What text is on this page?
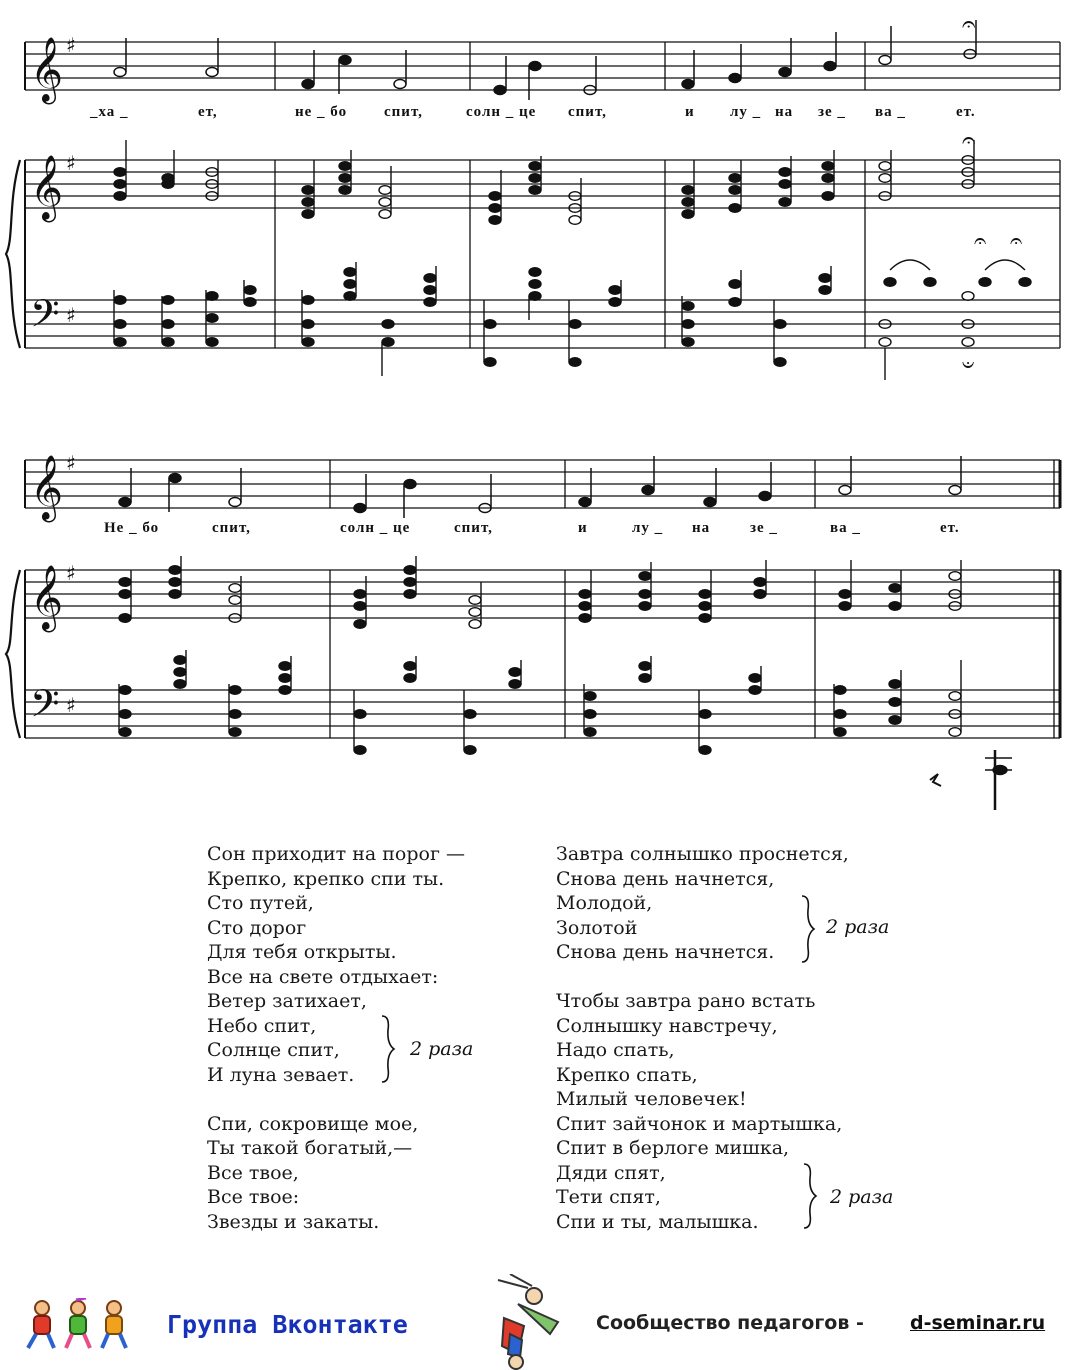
𝄞
𝄞
𝄢
𝄞
𝄞
𝄢
♯
♯
♯
♯
♯
♯
𝄐
𝄐
𝄐 𝄐
𝄑
_ха _	ет,	не _ бо спит,	солн _ це спит,	и лу _ на зе _ ва _	ет.
Не _ бо	спит,	солн _ це	спит,	и	лу _ на	зе _	ва _	ет.
Сон приходит на порог —
Крепко, крепко спи ты.
Сто путей,
Сто дорог
Для тебя открыты.
Все на свете отдыхает:
Ветер затихает,
Небо спит,
Солнце спит,
И луна зевает.
Спи, сокровище мое,
Ты такой богатый,—
Все твое,
Все твое:
Звезды и закаты.
2 раза
Завтра солнышко проснется,
Снова день начнется,
Молодой,
Золотой
Снова день начнется.
Чтобы завтра рано встать
Солнышку навстречу,
Надо спать,
Крепко спать,
Милый человечек!
Спит зайчонок и мартышка,
Спит в берлоге мишка,
Дяди спят,
Тети спят,
Спи и ты, малышка.
2 раза
2 раза
Группа Вконтакте	Сообщество педагогов - d-seminar.ru
